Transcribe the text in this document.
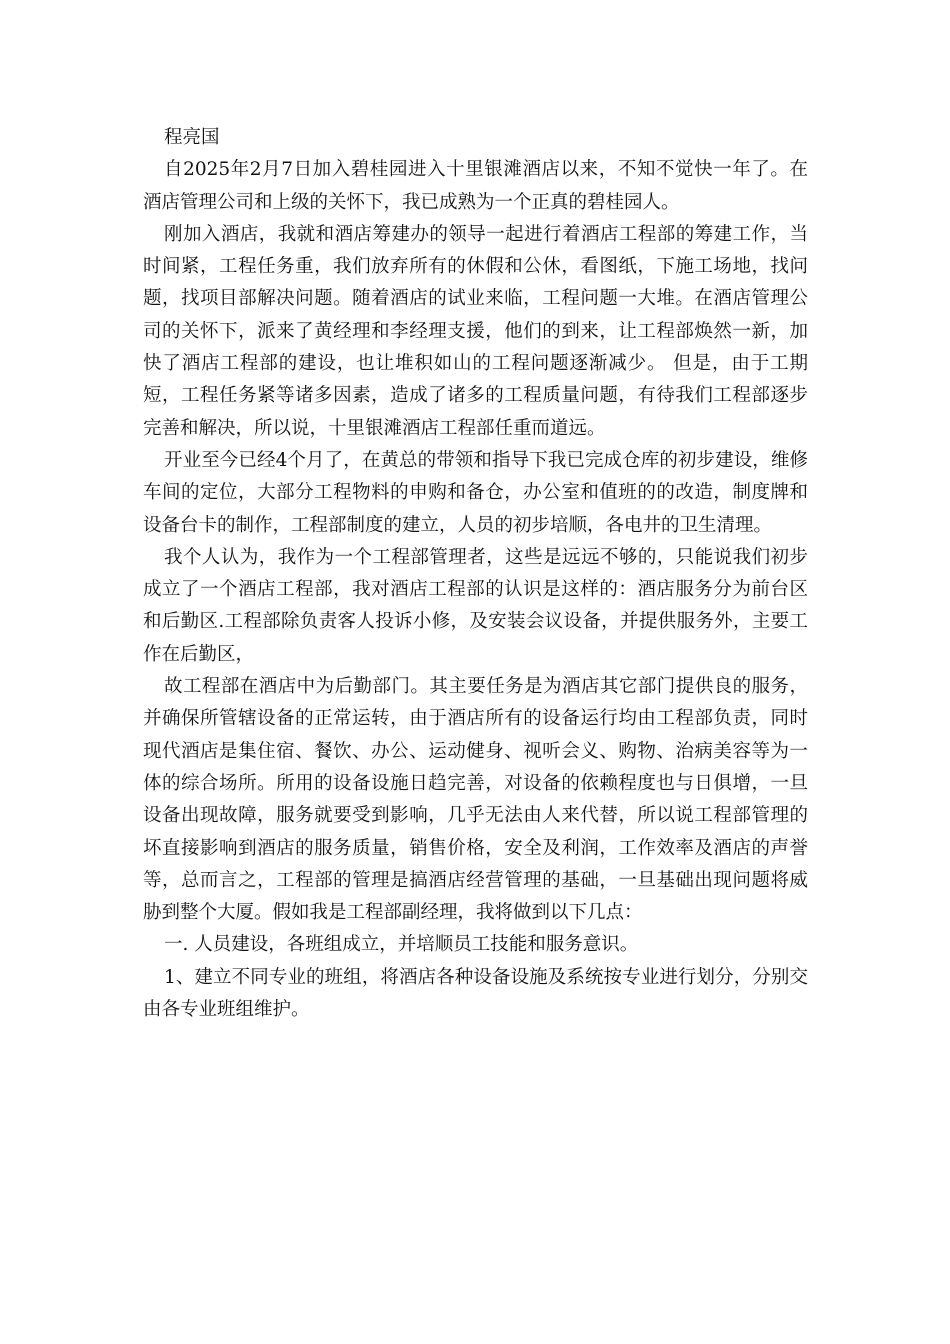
程亮国

自2025年2月7日加入碧桂园进入十里银滩酒店以来，不知不觉快一年了。在酒店管理公司和上级的关怀下，我已成熟为一个正真的碧桂园人。

刚加入酒店，我就和酒店筹建办的领导一起进行着酒店工程部的筹建工作，当时间紧，工程任务重，我们放弃所有的休假和公休，看图纸，下施工场地，找问题，找项目部解决问题。随着酒店的试业来临，工程问题一大堆。在酒店管理公司的关怀下，派来了黄经理和李经理支援，他们的到来，让工程部焕然一新，加快了酒店工程部的建设，也让堆积如山的工程问题逐渐减少。 但是，由于工期短，工程任务紧等诸多因素，造成了诸多的工程质量问题，有待我们工程部逐步完善和解决，所以说，十里银滩酒店工程部任重而道远。

开业至今已经4个月了，在黄总的带领和指导下我已完成仓库的初步建设，维修车间的定位，大部分工程物料的申购和备仓，办公室和值班的的改造，制度牌和设备台卡的制作，工程部制度的建立，人员的初步培顺，各电井的卫生清理。

我个人认为，我作为一个工程部管理者，这些是远远不够的，只能说我们初步成立了一个酒店工程部，我对酒店工程部的认识是这样的：酒店服务分为前台区和后勤区.工程部除负责客人投诉小修，及安装会议设备，并提供服务外，主要工作在后勤区，

故工程部在酒店中为后勤部门。其主要任务是为酒店其它部门提供良的服务，并确保所管辖设备的正常运转，由于酒店所有的设备运行均由工程部负责，同时现代酒店是集住宿、餐饮、办公、运动健身、视听会义、购物、治病美容等为一体的综合场所。所用的设备设施日趋完善，对设备的依赖程度也与日俱增，一旦设备出现故障，服务就要受到影响，几乎无法由人来代替，所以说工程部管理的坏直接影响到酒店的服务质量，销售价格，安全及利润，工作效率及酒店的声誉等，总而言之，工程部的管理是搞酒店经营管理的基础，一旦基础出现问题将威胁到整个大厦。假如我是工程部副经理，我将做到以下几点：

一. 人员建设，各班组成立，并培顺员工技能和服务意识。

1、建立不同专业的班组，将酒店各种设备设施及系统按专业进行划分，分别交由各专业班组维护。
